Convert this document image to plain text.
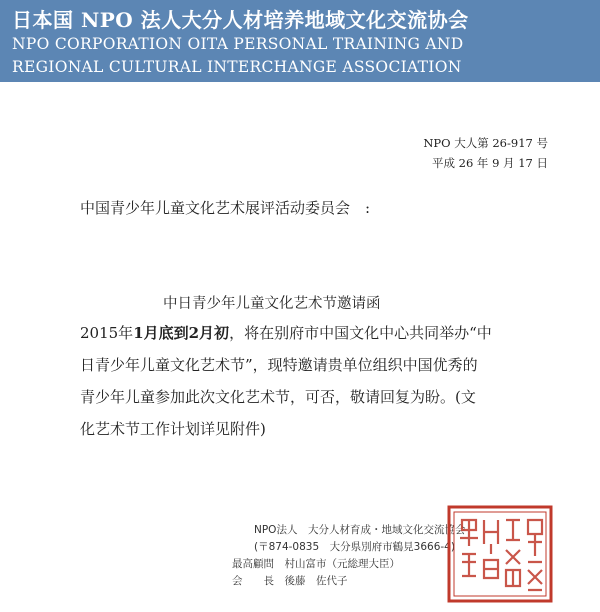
日本国 NPO 法人大分人材培养地域文化交流协会
NPO CORPORATION OITA PERSONAL TRAINING AND
REGIONAL CULTURAL INTERCHANGE ASSOCIATION
NPO 大人第 26-917 号
平成 26 年 9 月 17 日
中国青少年儿童文化艺术展评活动委员会　:
中日青少年儿童文化艺术节邀请函
2015年1月底到2月初，将在别府市中国文化中心共同举办“中
日青少年儿童文化艺术节”，现特邀请贵单位组织中国优秀的
青少年儿童参加此次文化艺术节，可否，敬请回复为盼。(文
化艺术节工作计划详见附件)
NPO法人　大分人材育成・地域文化交流協会
(〒874-0835　大分県別府市鶴見3666-4)
最高顧問　村山富市（元総理大臣）
会　　長　後藤　佐代子
